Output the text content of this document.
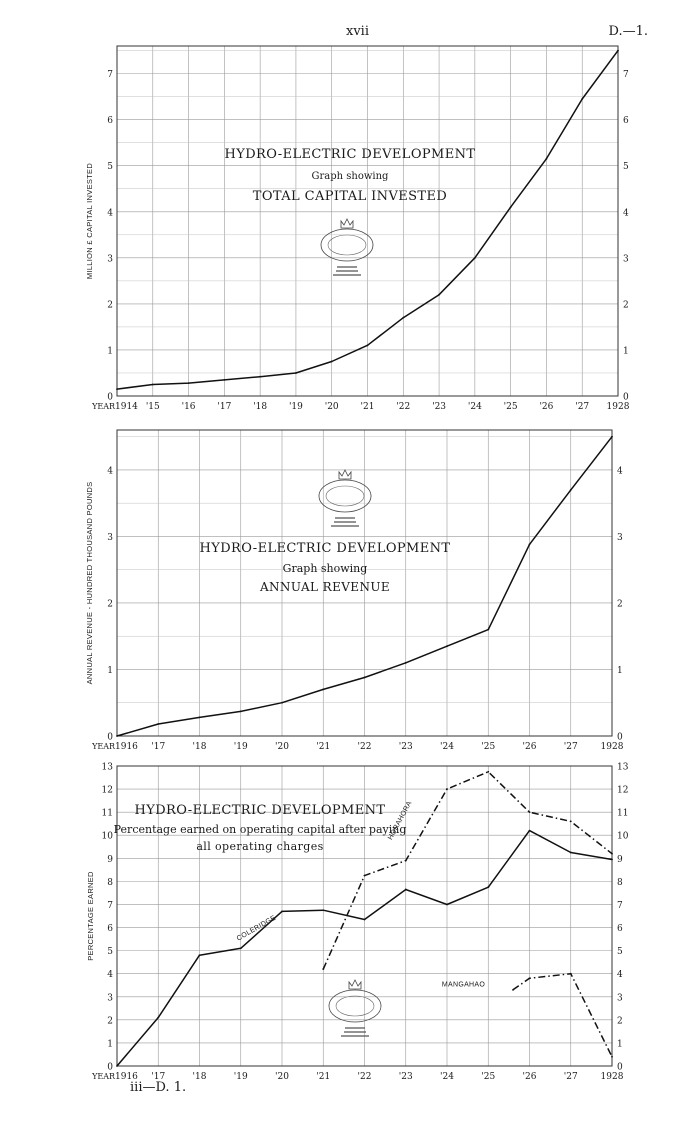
xvii	D.—1.
0	0
1	1
2	2
3	3
4	4
5	5
6	6
7	7
1914 '15 '16 '17 '18 '19 '20 '21 '22 '23 '24 '25 '26 '27 1928
YEAR
MILLION £ CAPITAL INVESTED
HYDRO-ELECTRIC DEVELOPMENT
Graph showing
TOTAL CAPITAL INVESTED
0	0
1	1
2	2
3	3
4	4
1916 '17	'18	'19	'20	'21	'22	'23	'24	'25	'26	'27	1928
YEAR
ANNUAL REVENUE - HUNDRED THOUSAND POUNDS	HYDRO-ELECTRIC DEVELOPMENT
Graph showing
ANNUAL REVENUE
0	0
1	1
2	2
3	3
4	4
5	5
6	6
7	7
8	8
9	9
10	10
11	11
12	12
13	13
1916 '17	'18	'19	'20	'21	'22	'23	'24	'25	'26	'27	1928
YEAR
PERCENTAGE EARNED
HYDRO-ELECTRIC DEVELOPMENT
Percentage earned on operating capital after paying
all operating charges
COLERIDGE
HORAHORA
MANGAHAO
iii—D. 1.
